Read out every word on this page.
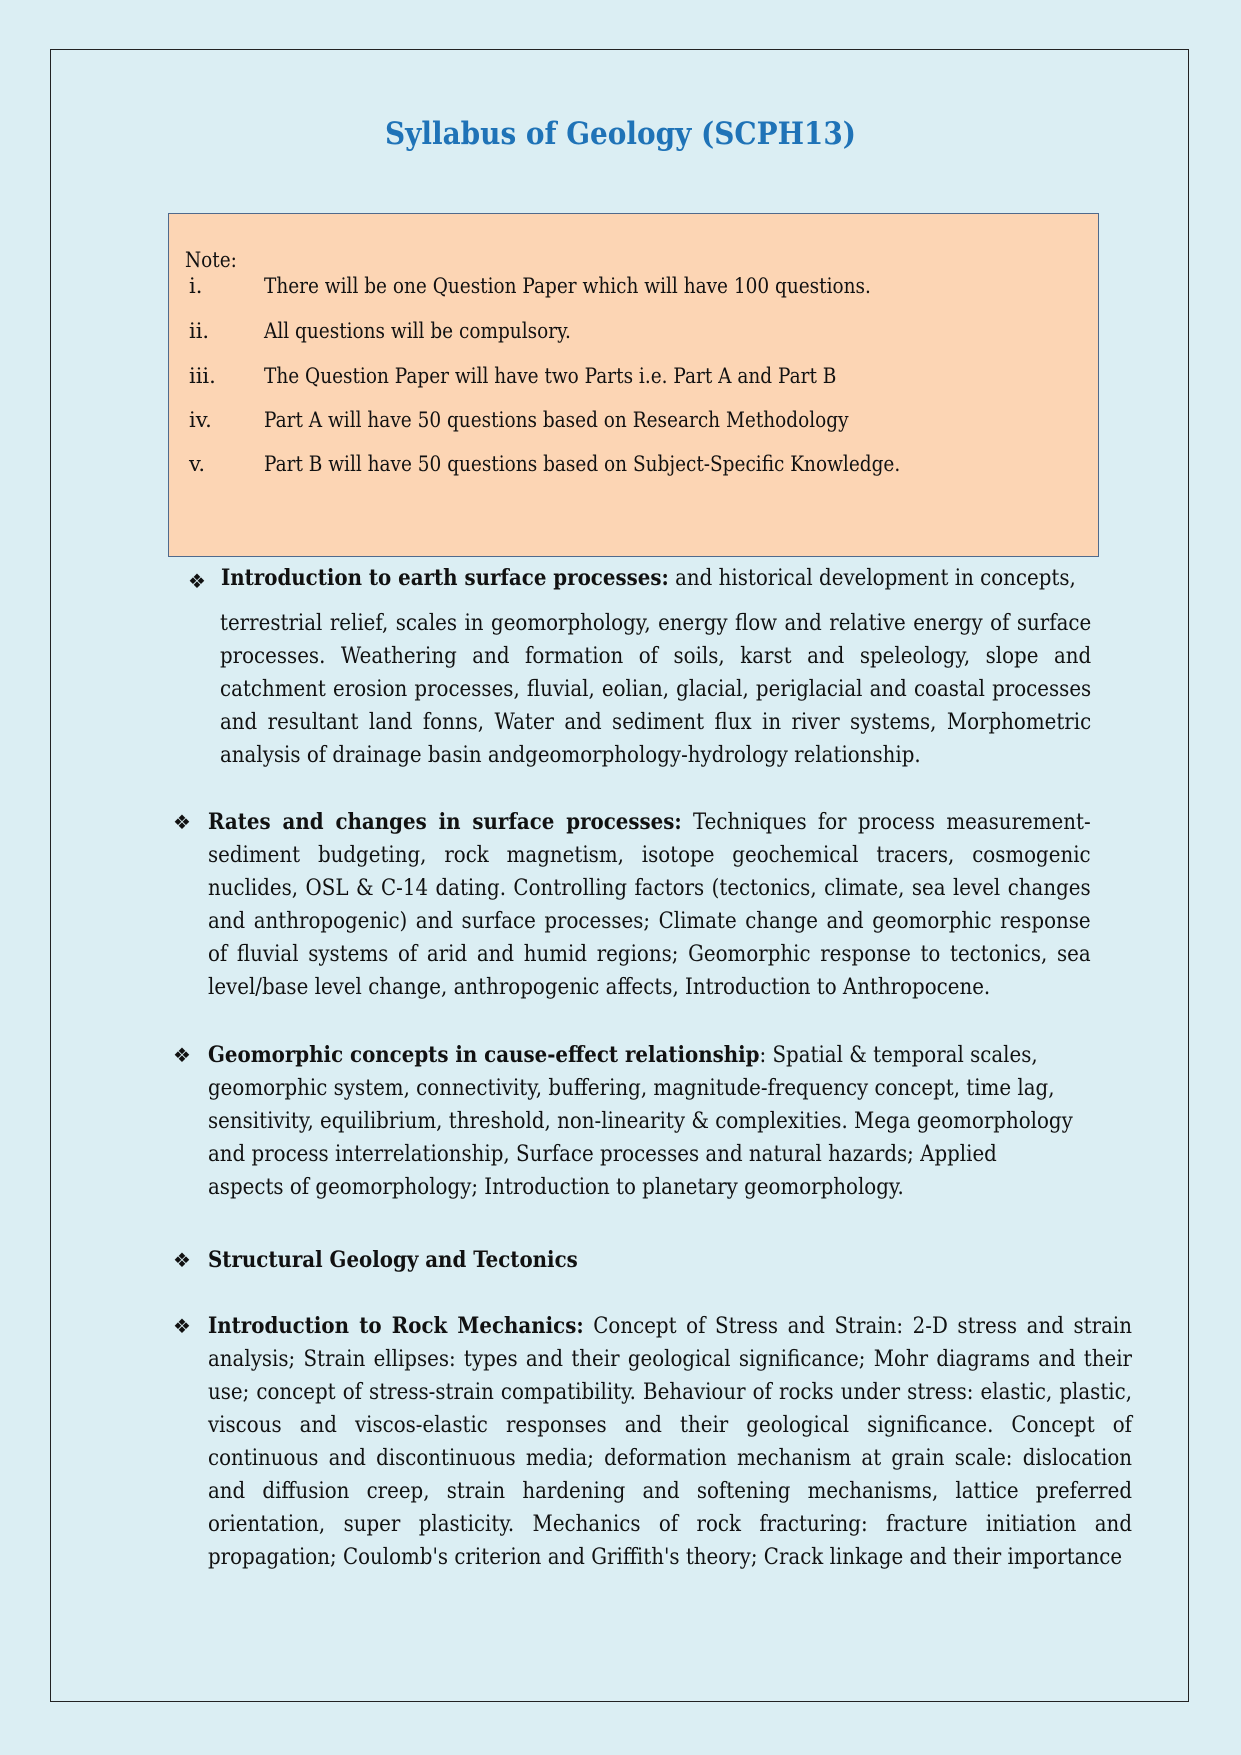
Syllabus of Geology (SCPH13)
Note:
i.	There will be one Question Paper which will have 100 questions.
ii.	All questions will be compulsory.
iii. The Question Paper will have two Parts i.e. Part A and Part B
iv. Part A will have 50 questions based on Research Methodology
v.	Part B will have 50 questions based on Subject-Specific Knowledge.
❖ Introduction to earth surface processes: and historical development in concepts,
terrestrial relief, scales in geomorphology, energy flow and relative energy of surface processes. Weathering and formation of soils, karst and speleology, slope and catchment erosion processes, fluvial, eolian, glacial, periglacial and coastal processes and resultant land fonns, Water and sediment flux in river systems, Morphometric analysis of drainage basin andgeomorphology-hydrology relationship.
❖ Rates and changes in surface processes: Techniques for process measurement-sediment budgeting, rock magnetism, isotope geochemical tracers, cosmogenic nuclides, OSL & C-14 dating. Controlling factors (tectonics, climate, sea level changes and anthropogenic) and surface processes; Climate change and geomorphic response of fluvial systems of arid and humid regions; Geomorphic response to tectonics, sea level/base level change, anthropogenic affects, Introduction to Anthropocene.
❖ Geomorphic concepts in cause-effect relationship: Spatial & temporal scales, geomorphic system, connectivity, buffering, magnitude-frequency concept, time lag, sensitivity, equilibrium, threshold, non-linearity & complexities. Mega geomorphology and process interrelationship, Surface processes and natural hazards; Applied aspects of geomorphology; Introduction to planetary geomorphology.
❖ Structural Geology and Tectonics
❖ Introduction to Rock Mechanics: Concept of Stress and Strain: 2-D stress and strain analysis; Strain ellipses: types and their geological significance; Mohr diagrams and their use; concept of stress-strain compatibility. Behaviour of rocks under stress: elastic, plastic, viscous and viscos-elastic responses and their geological significance. Concept of continuous and discontinuous media; deformation mechanism at grain scale: dislocation and diffusion creep, strain hardening and softening mechanisms, lattice preferred orientation, super plasticity. Mechanics of rock fracturing: fracture initiation and propagation; Coulomb's criterion and Griffith's theory; Crack linkage and their importance
